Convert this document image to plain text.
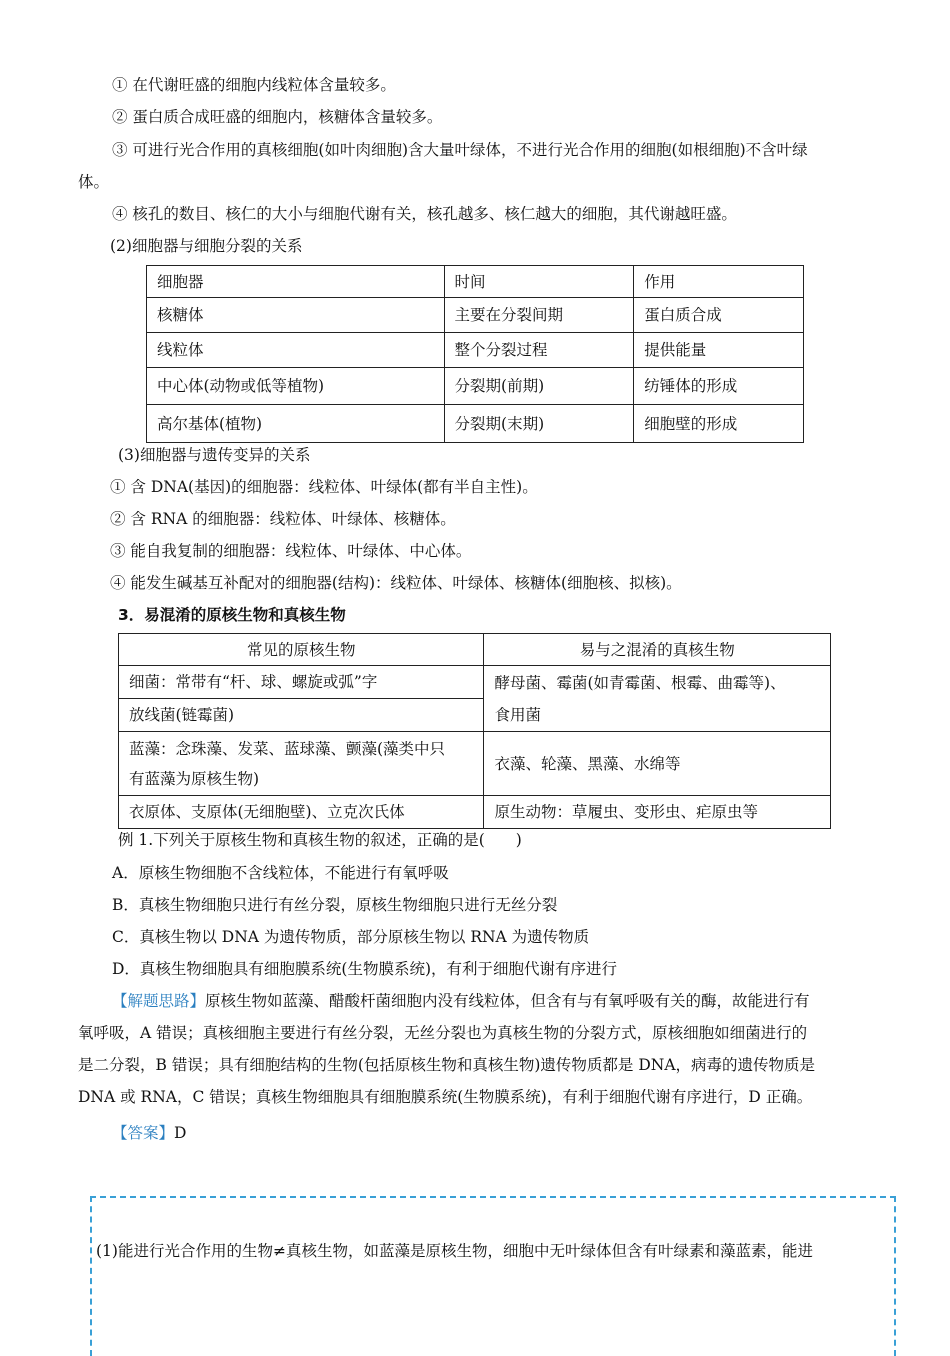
① 在代谢旺盛的细胞内线粒体含量较多。
② 蛋白质合成旺盛的细胞内，核糖体含量较多。
③ 可进行光合作用的真核细胞(如叶肉细胞)含大量叶绿体，不进行光合作用的细胞(如根细胞)不含叶绿
体。
④ 核孔的数目、核仁的大小与细胞代谢有关，核孔越多、核仁越大的细胞，其代谢越旺盛。
(2)细胞器与细胞分裂的关系
细胞器	时间	作用
核糖体	主要在分裂间期	蛋白质合成
线粒体	整个分裂过程	提供能量
中心体(动物或低等植物)	分裂期(前期)	纺锤体的形成
高尔基体(植物)	分裂期(末期)	细胞壁的形成
(3)细胞器与遗传变异的关系
① 含 DNA(基因)的细胞器：线粒体、叶绿体(都有半自主性)。
② 含 RNA 的细胞器：线粒体、叶绿体、核糖体。
③ 能自我复制的细胞器：线粒体、叶绿体、中心体。
④ 能发生碱基互补配对的细胞器(结构)：线粒体、叶绿体、核糖体(细胞核、拟核)。
3．易混淆的原核生物和真核生物
常见的原核生物	易与之混淆的真核生物
细菌：常带有“杆、球、螺旋或弧”字	酵母菌、霉菌(如青霉菌、根霉、曲霉等)、
食用菌

放线菌(链霉菌)	

蓝藻：念珠藻、发菜、蓝球藻、颤藻(藻类中只
有蓝藻为原核生物)	衣藻、轮藻、黑藻、水绵等
衣原体、支原体(无细胞壁)、立克次氏体	原生动物：草履虫、变形虫、疟原虫等
例 1.下列关于原核生物和真核生物的叙述，正确的是(　　)
A．原核生物细胞不含线粒体，不能进行有氧呼吸
B．真核生物细胞只进行有丝分裂，原核生物细胞只进行无丝分裂
C．真核生物以 DNA 为遗传物质，部分原核生物以 RNA 为遗传物质
D．真核生物细胞具有细胞膜系统(生物膜系统)，有利于细胞代谢有序进行
【解题思路】原核生物如蓝藻、醋酸杆菌细胞内没有线粒体，但含有与有氧呼吸有关的酶，故能进行有
氧呼吸，A 错误；真核细胞主要进行有丝分裂，无丝分裂也为真核生物的分裂方式，原核细胞如细菌进行的
是二分裂，B 错误；具有细胞结构的生物(包括原核生物和真核生物)遗传物质都是 DNA，病毒的遗传物质是
DNA 或 RNA，C 错误；真核生物细胞具有细胞膜系统(生物膜系统)，有利于细胞代谢有序进行，D 正确。
【答案】D
(1)能进行光合作用的生物≠真核生物，如蓝藻是原核生物，细胞中无叶绿体但含有叶绿素和藻蓝素，能进
